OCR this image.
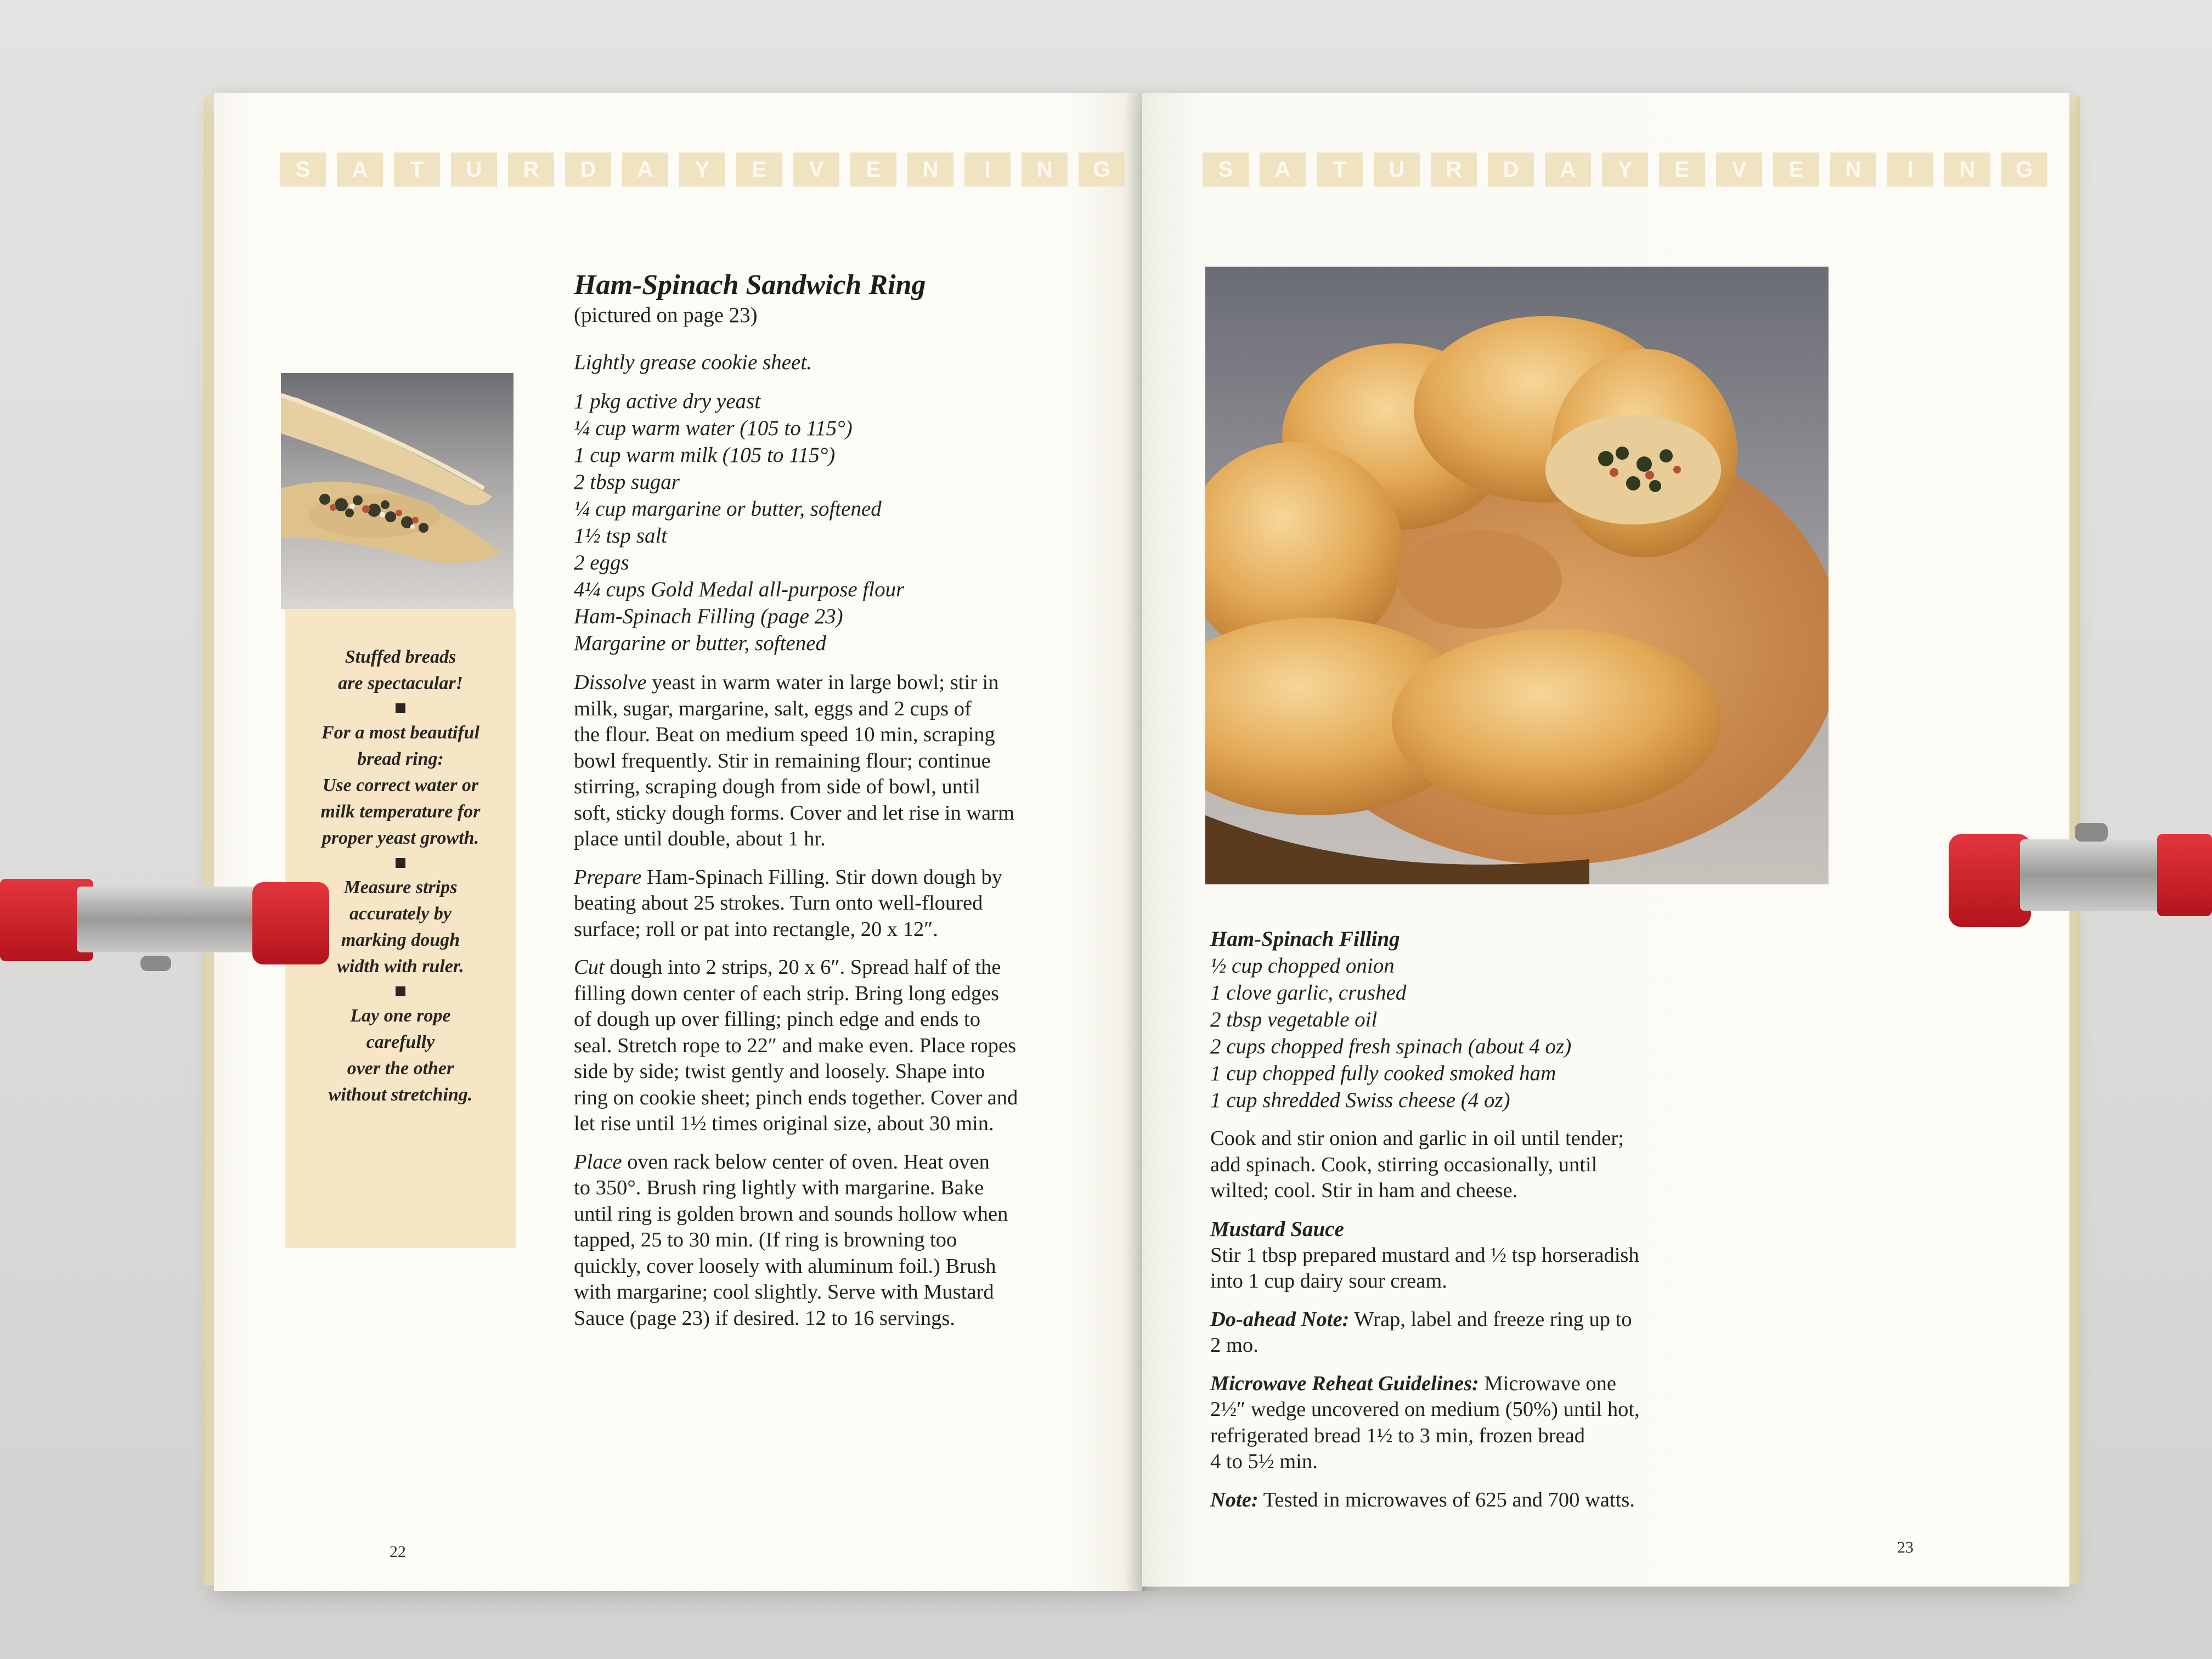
S	A	T	U	R	D	A	Y	E	V	E	N	I	N	G
Stuffed breads
are spectacular!
For a most beautiful
bread ring:
Use correct water or
milk temperature for
proper yeast growth.
Measure strips
accurately by
marking dough
width with ruler.
Lay one rope
carefully
over the other
without stretching.
Ham-Spinach Sandwich Ring
(pictured on page 23)
Lightly grease cookie sheet.
1 pkg active dry yeast
¼ cup warm water (105 to 115°)
1 cup warm milk (105 to 115°)
2 tbsp sugar
¼ cup margarine or butter, softened
1½ tsp salt
2 eggs
4¼ cups Gold Medal all-purpose flour
Ham-Spinach Filling (page 23)
Margarine or butter, softened
Dissolve yeast in warm water in large bowl; stir in
milk, sugar, margarine, salt, eggs and 2 cups of
the flour. Beat on medium speed 10 min, scraping
bowl frequently. Stir in remaining flour; continue
stirring, scraping dough from side of bowl, until
soft, sticky dough forms. Cover and let rise in warm
place until double, about 1 hr.
Prepare Ham-Spinach Filling. Stir down dough by
beating about 25 strokes. Turn onto well-floured
surface; roll or pat into rectangle, 20 x 12″.
Cut dough into 2 strips, 20 x 6″. Spread half of the
filling down center of each strip. Bring long edges
of dough up over filling; pinch edge and ends to
seal. Stretch rope to 22″ and make even. Place ropes
side by side; twist gently and loosely. Shape into
ring on cookie sheet; pinch ends together. Cover and
let rise until 1½ times original size, about 30 min.
Place oven rack below center of oven. Heat oven
to 350°. Brush ring lightly with margarine. Bake
until ring is golden brown and sounds hollow when
tapped, 25 to 30 min. (If ring is browning too
quickly, cover loosely with aluminum foil.) Brush
with margarine; cool slightly. Serve with Mustard
Sauce (page 23) if desired. 12 to 16 servings.
22
S	A	T	U	R	D	A	Y	E	V	E	N	I	N	G
Ham-Spinach Filling
½ cup chopped onion
1 clove garlic, crushed
2 tbsp vegetable oil
2 cups chopped fresh spinach (about 4 oz)
1 cup chopped fully cooked smoked ham
1 cup shredded Swiss cheese (4 oz)
Cook and stir onion and garlic in oil until tender;
add spinach. Cook, stirring occasionally, until
wilted; cool. Stir in ham and cheese.
Mustard Sauce
Stir 1 tbsp prepared mustard and ½ tsp horseradish
into 1 cup dairy sour cream.
Do-ahead Note: Wrap, label and freeze ring up to
2 mo.
Microwave Reheat Guidelines: Microwave one
2½″ wedge uncovered on medium (50%) until hot,
refrigerated bread 1½ to 3 min, frozen bread
4 to 5½ min.
Note: Tested in microwaves of 625 and 700 watts.
23
